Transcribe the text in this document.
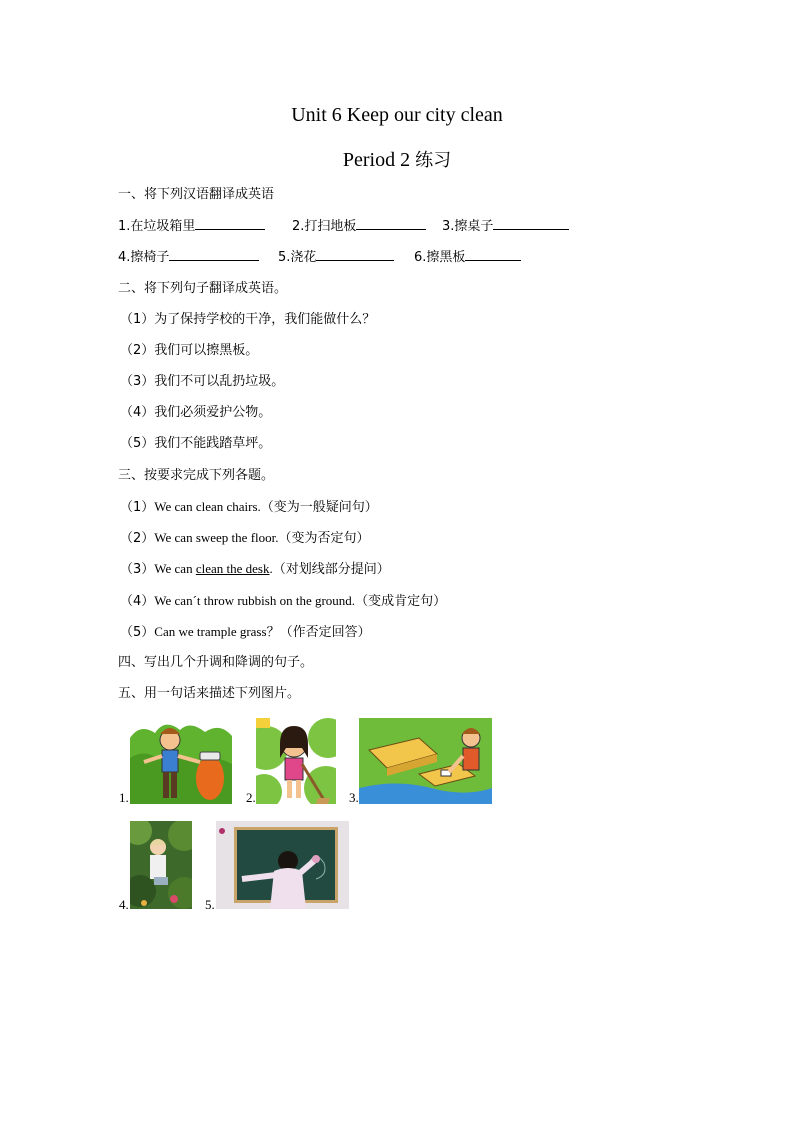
Unit 6 Keep our city clean
Period 2 练习
一、将下列汉语翻译成英语
1.在垃圾箱里	2.打扫地板	3.擦桌子
4.擦椅子	5.浇花	6.擦黑板
二、将下列句子翻译成英语。
（1）为了保持学校的干净，我们能做什么？
（2）我们可以擦黑板。
（3）我们不可以乱扔垃圾。
（4）我们必须爱护公物。
（5）我们不能践踏草坪。
三、按要求完成下列各题。
（1）We can clean chairs.（变为一般疑问句）
（2）We can sweep the floor.（变为否定句）
（3）We can clean the desk.（对划线部分提问）
（4）We can´t throw rubbish on the ground.（变成肯定句）
（5）Can we trample grass？（作否定回答）
四、写出几个升调和降调的句子。
五、用一句话来描述下列图片。
1.	2.	3.
4.	5.
